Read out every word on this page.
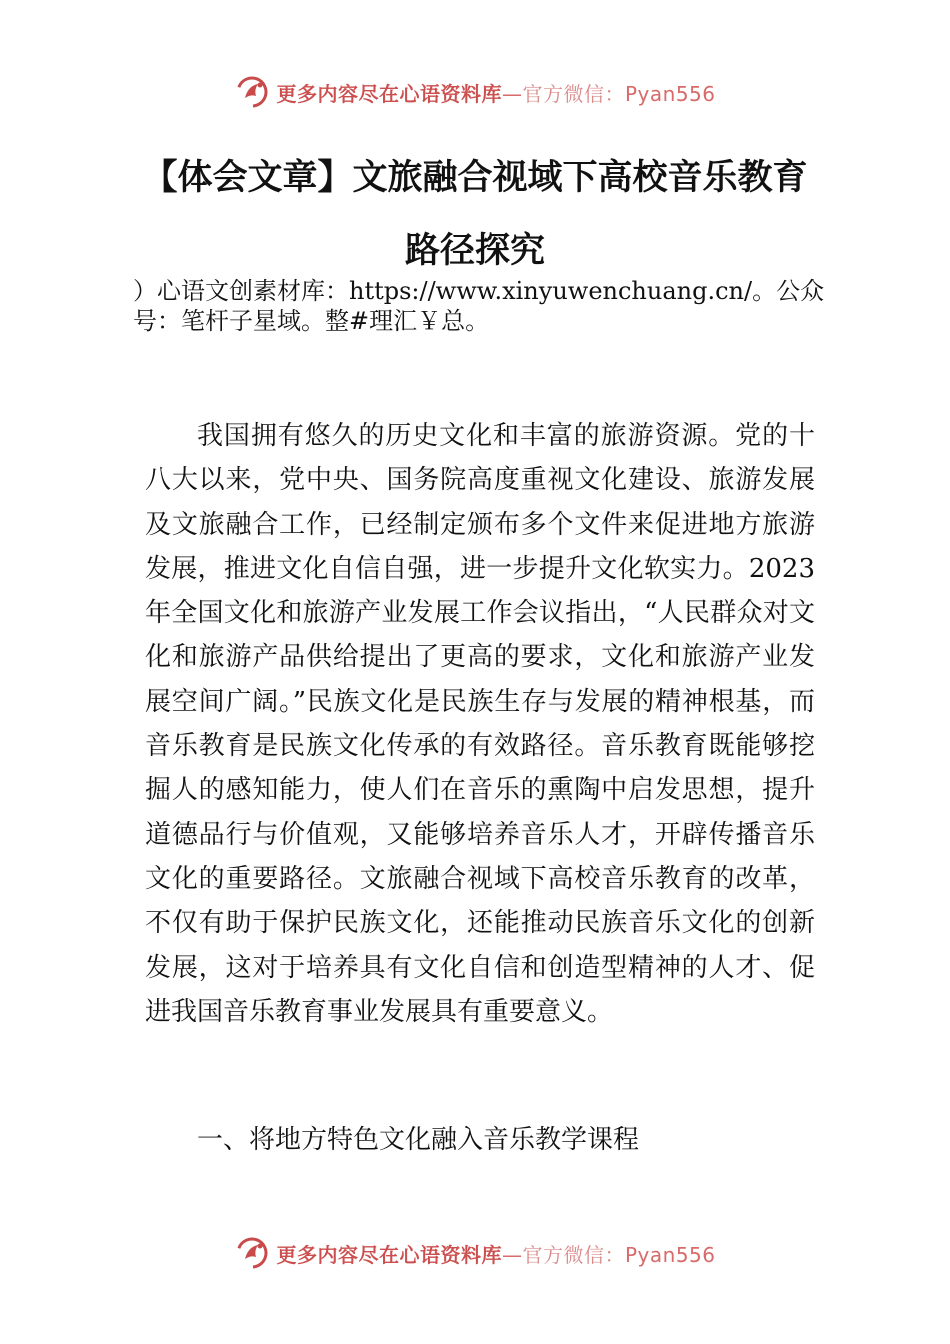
更多内容尽在心语资料库—官方微信：Pyan556
【体会文章】文旅融合视域下高校音乐教育
路径探究

）心语文创素材库：https://www.xinyuwenchuang.cn/。公众号：笔杆子星域。整#理汇￥总。

我国拥有悠久的历史文化和丰富的旅游资源。党的十八大以来，党中央、国务院高度重视文化建设、旅游发展及文旅融合工作，已经制定颁布多个文件来促进地方旅游发展，推进文化自信自强，进一步提升文化软实力。2023 年全国文化和旅游产业发展工作会议指出，“人民群众对文化和旅游产品供给提出了更高的要求，文化和旅游产业发展空间广阔。”民族文化是民族生存与发展的精神根基，而音乐教育是民族文化传承的有效路径。音乐教育既能够挖掘人的感知能力，使人们在音乐的熏陶中启发思想，提升道德品行与价值观，又能够培养音乐人才，开辟传播音乐文化的重要路径。文旅融合视域下高校音乐教育的改革，不仅有助于保护民族文化，还能推动民族音乐文化的创新发展，这对于培养具有文化自信和创造型精神的人才、促进我国音乐教育事业发展具有重要意义。

一、将地方特色文化融入音乐教学课程

更多内容尽在心语资料库—官方微信：Pyan556
